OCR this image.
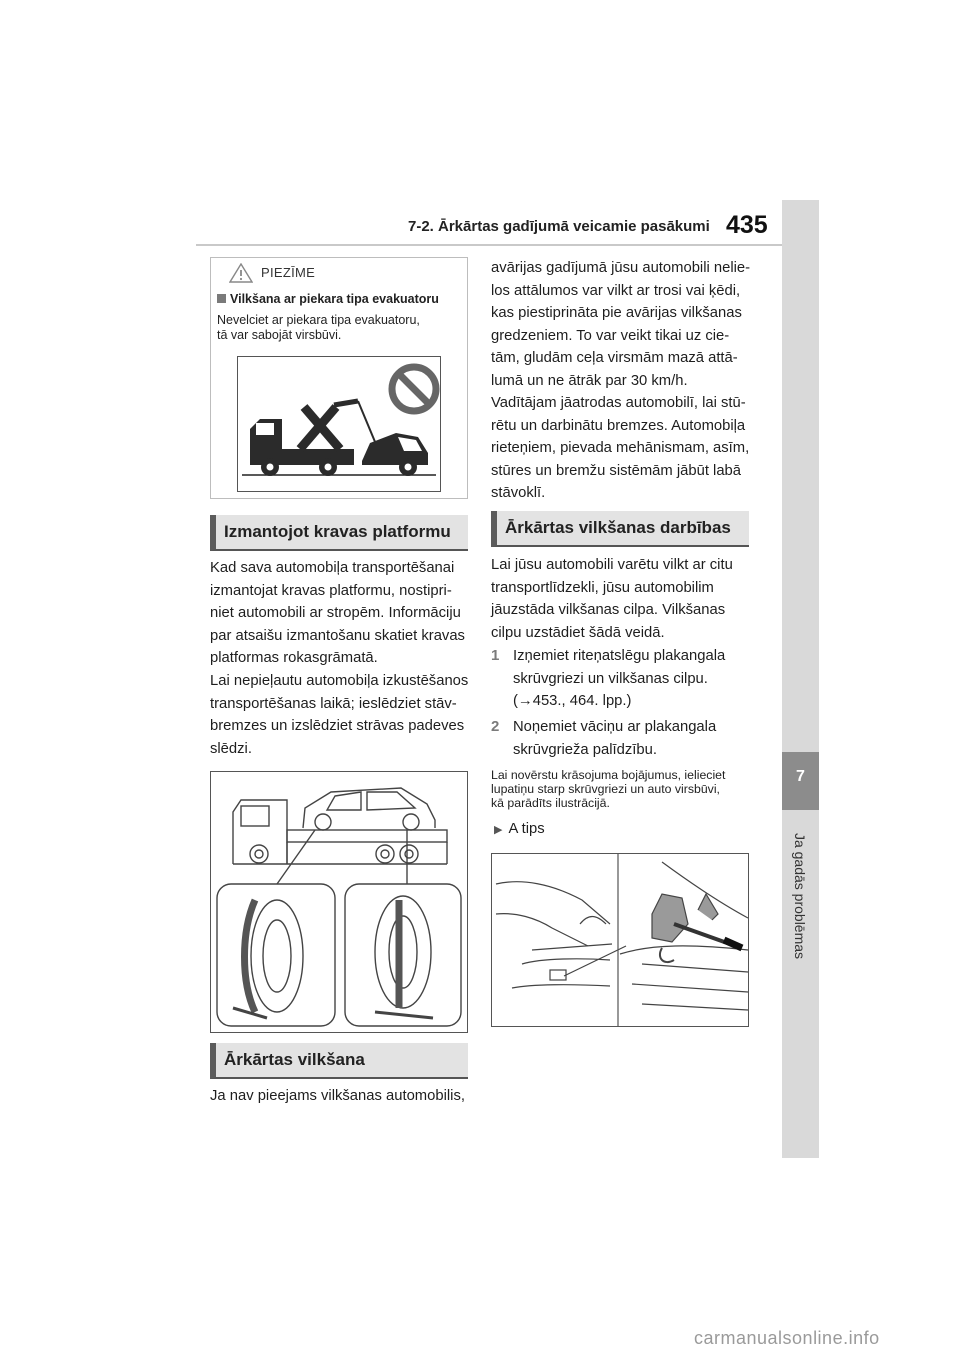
7-2. Ārkārtas gadījumā veicamie pasākumi 435
7
Ja gadās problēmas
PIEZĪME
Vilkšana ar piekara tipa evakuatoru
Nevelciet ar piekara tipa evakuatoru,
tā var sabojāt virsbūvi.
Izmantojot kravas platformu
Kad sava automobiļa transportēšanai
izmantojat kravas platformu, nostipri-
niet automobili ar stropēm. Informāciju
par atsaišu izmantošanu skatiet kravas
platformas rokasgrāmatā.
Lai nepieļautu automobiļa izkustēšanos
transportēšanas laikā; ieslēdziet stāv-
bremzes un izslēdziet strāvas padeves
slēdzi.
Ārkārtas vilkšana
Ja nav pieejams vilkšanas automobilis,
avārijas gadījumā jūsu automobili nelie-
los attālumos var vilkt ar trosi vai ķēdi,
kas piestiprināta pie avārijas vilkšanas
gredzeniem. To var veikt tikai uz cie-
tām, gludām ceļa virsmām mazā attā-
lumā un ne ātrāk par 30 km/h.
Vadītājam jāatrodas automobilī, lai stū-
rētu un darbinātu bremzes. Automobiļa
rieteņiem, pievada mehānismam, asīm,
stūres un bremžu sistēmām jābūt labā
stāvoklī.
Ārkārtas vilkšanas darbības
Lai jūsu automobili varētu vilkt ar citu
transportlīdzekli, jūsu automobilim
jāuzstāda vilkšanas cilpa. Vilkšanas
cilpu uzstādiet šādā veidā.
1 Izņemiet riteņatslēgu plakangala
skrūvgriezi un vilkšanas cilpu.
(→453., 464. lpp.)
2 Noņemiet vāciņu ar plakangala
skrūvgrieža palīdzību.
Lai novērstu krāsojuma bojājumus, ielieciet
lupatiņu starp skrūvgriezi un auto virsbūvi,
kā parādīts ilustrācijā.
▶ A tips
carmanualsonline.info
